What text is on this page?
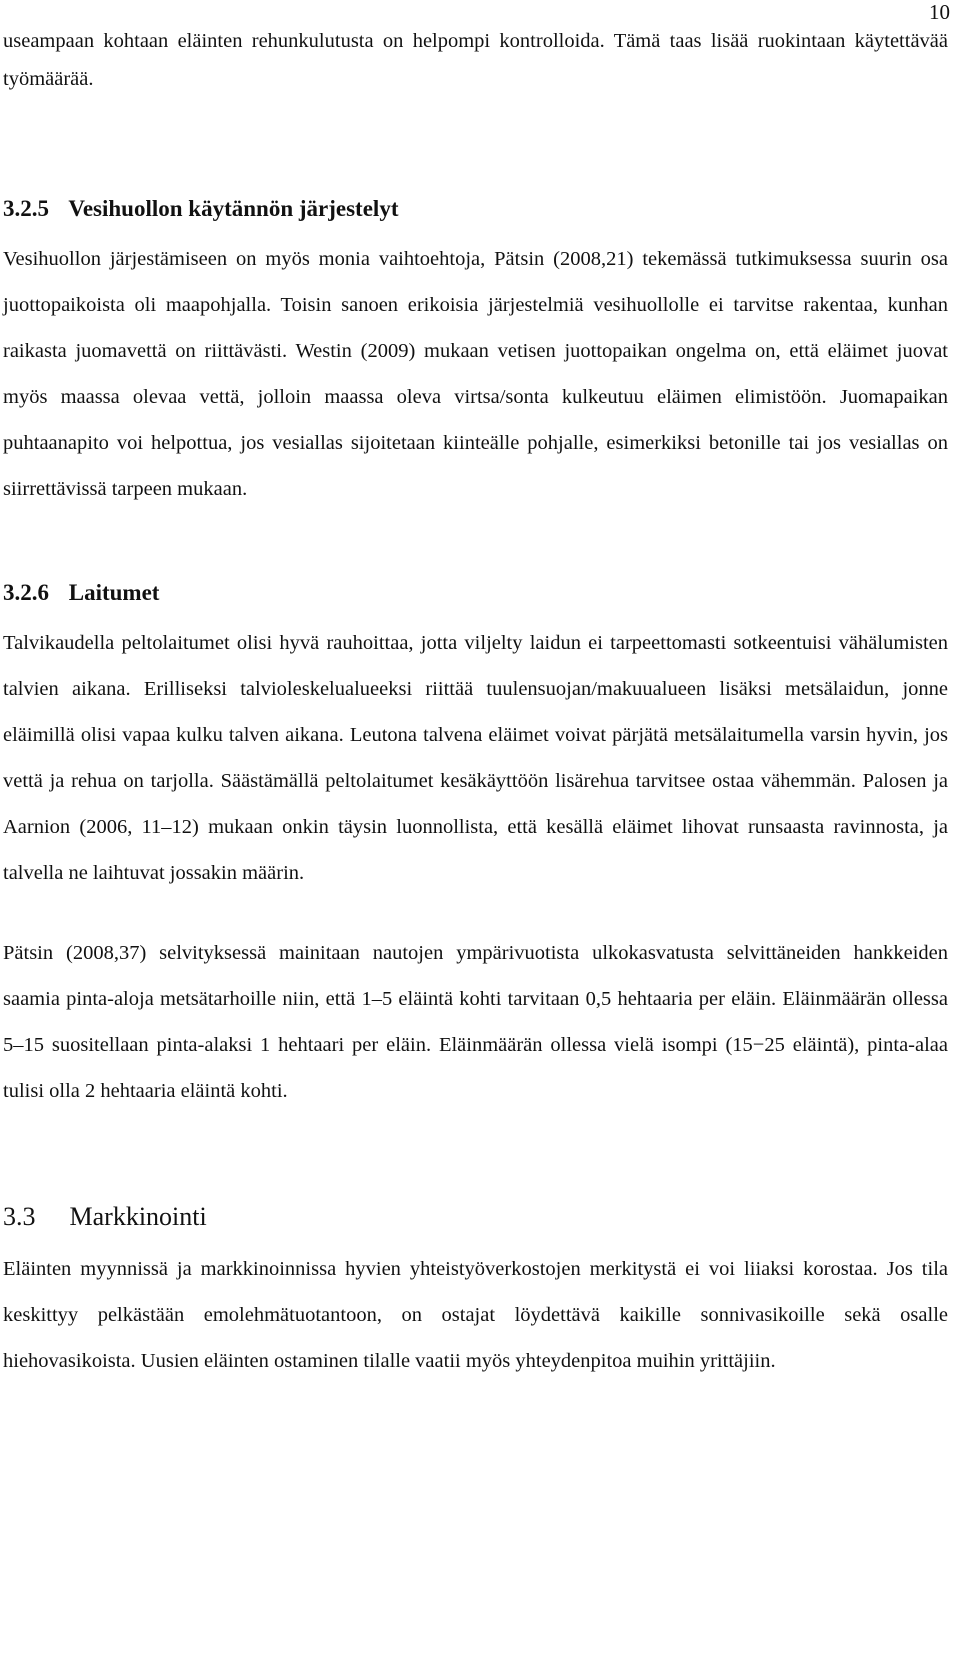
10

useampaan kohtaan eläinten rehunkulutusta on helpompi kontrolloida. Tämä taas lisää ruokintaan käytettävää työmäärää.

3.2.5 Vesihuollon käytännön järjestelyt

Vesihuollon järjestämiseen on myös monia vaihtoehtoja, Pätsin (2008,21) tekemässä tutkimuksessa suurin osa juottopaikoista oli maapohjalla. Toisin sanoen erikoisia järjestelmiä vesihuollolle ei tarvitse rakentaa, kunhan raikasta juomavettä on riittävästi. Westin (2009) mukaan vetisen juottopaikan ongelma on, että eläimet juovat myös maassa olevaa vettä, jolloin maassa oleva virtsa/sonta kulkeutuu eläimen elimistöön. Juomapaikan puhtaanapito voi helpottua, jos vesiallas sijoitetaan kiinteälle pohjalle, esimerkiksi betonille tai jos vesiallas on siirrettävissä tarpeen mukaan.

3.2.6 Laitumet

Talvikaudella peltolaitumet olisi hyvä rauhoittaa, jotta viljelty laidun ei tarpeettomasti sotkeentuisi vähälumisten talvien aikana. Erilliseksi talvioleskelualueeksi riittää tuulensuojan/makuualueen lisäksi metsälaidun, jonne eläimillä olisi vapaa kulku talven aikana. Leutona talvena eläimet voivat pärjätä metsälaitumella varsin hyvin, jos vettä ja rehua on tarjolla. Säästämällä peltolaitumet kesäkäyttöön lisärehua tarvitsee ostaa vähemmän. Palosen ja Aarnion (2006, 11–12) mukaan onkin täysin luonnollista, että kesällä eläimet lihovat runsaasta ravinnosta, ja talvella ne laihtuvat jossakin määrin.

Pätsin (2008,37) selvityksessä mainitaan nautojen ympärivuotista ulkokasvatusta selvittäneiden hankkeiden saamia pinta-aloja metsätarhoille niin, että 1–5 eläintä kohti tarvitaan 0,5 hehtaaria per eläin. Eläinmäärän ollessa 5–15 suositellaan pinta-alaksi 1 hehtaari per eläin. Eläinmäärän ollessa vielä isompi (15−25 eläintä), pinta-alaa tulisi olla 2 hehtaaria eläintä kohti.

3.3 Markkinointi

Eläinten myynnissä ja markkinoinnissa hyvien yhteistyöverkostojen merkitystä ei voi liiaksi korostaa. Jos tila keskittyy pelkästään emolehmätuotantoon, on ostajat löydettävä kaikille sonnivasikoille sekä osalle hiehovasikoista. Uusien eläinten ostaminen tilalle vaatii myös yhteydenpitoa muihin yrittäjiin.
